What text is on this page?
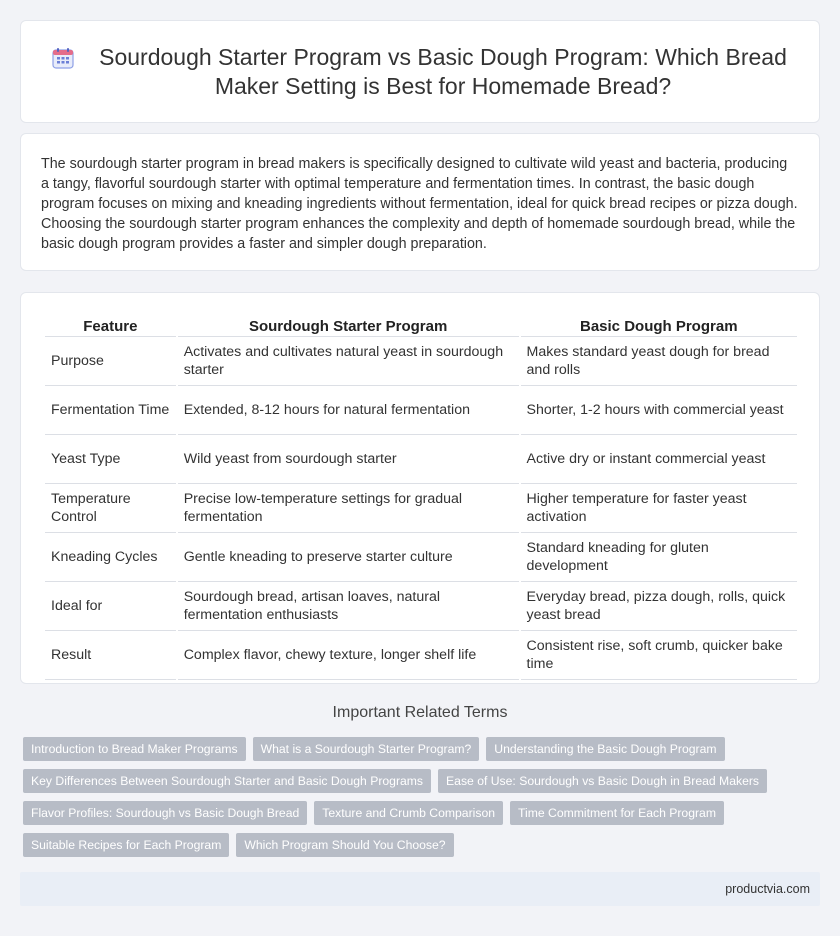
Sourdough Starter Program vs Basic Dough Program: Which Bread Maker Setting is Best for Homemade Bread?

The sourdough starter program in bread makers is specifically designed to cultivate wild yeast and bacteria, producing a tangy, flavorful sourdough starter with optimal temperature and fermentation times. In contrast, the basic dough program focuses on mixing and kneading ingredients without fermentation, ideal for quick bread recipes or pizza dough. Choosing the sourdough starter program enhances the complexity and depth of homemade sourdough bread, while the basic dough program provides a faster and simpler dough preparation.

Feature	Sourdough Starter Program	Basic Dough Program
Purpose	Activates and cultivates natural yeast in sourdough starter	Makes standard yeast dough for bread and rolls
Fermentation Time	Extended, 8-12 hours for natural fermentation	Shorter, 1-2 hours with commercial yeast
Yeast Type	Wild yeast from sourdough starter	Active dry or instant commercial yeast
Temperature Control	Precise low-temperature settings for gradual fermentation	Higher temperature for faster yeast activation
Kneading Cycles	Gentle kneading to preserve starter culture	Standard kneading for gluten development
Ideal for	Sourdough bread, artisan loaves, natural fermentation enthusiasts	Everyday bread, pizza dough, rolls, quick yeast bread
Result	Complex flavor, chewy texture, longer shelf life	Consistent rise, soft crumb, quicker bake time
Important Related Terms
Introduction to Bread Maker Programs	What is a Sourdough Starter Program?	Understanding the Basic Dough Program
Key Differences Between Sourdough Starter and Basic Dough Programs	Ease of Use: Sourdough vs Basic Dough in Bread Makers
Flavor Profiles: Sourdough vs Basic Dough Bread	Texture and Crumb Comparison	Time Commitment for Each Program
Suitable Recipes for Each Program	Which Program Should You Choose?
productvia.com
